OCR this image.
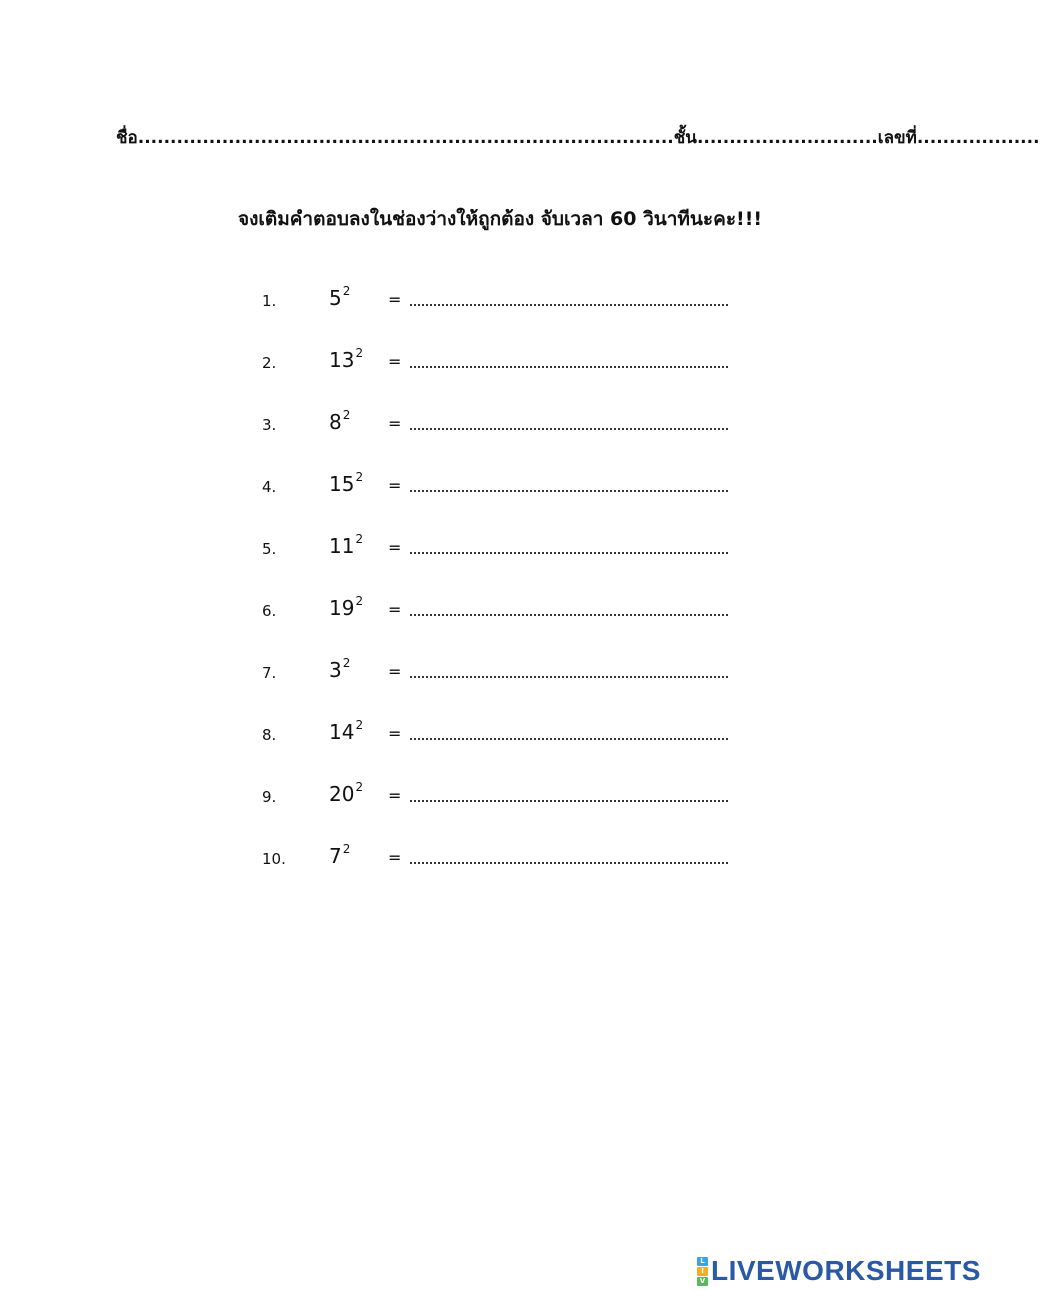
ชื่อ...................................................................................ชั้น............................เลขที่...................
จงเติมคำตอบลงในช่องว่างให้ถูกต้อง จับเวลา 60 วินาทีนะคะ!!!
1.	$5^2$ =
2.	$13^2$ =
3.	$8^2$ =
4.	$15^2$ =
5.	$11^2$ =
6.	$19^2$ =
7.	$3^2$ =
8.	$14^2$ =
9.	$20^2$ =
10. $7^2$ =
L
I
V LIVEWORKSHEETS
